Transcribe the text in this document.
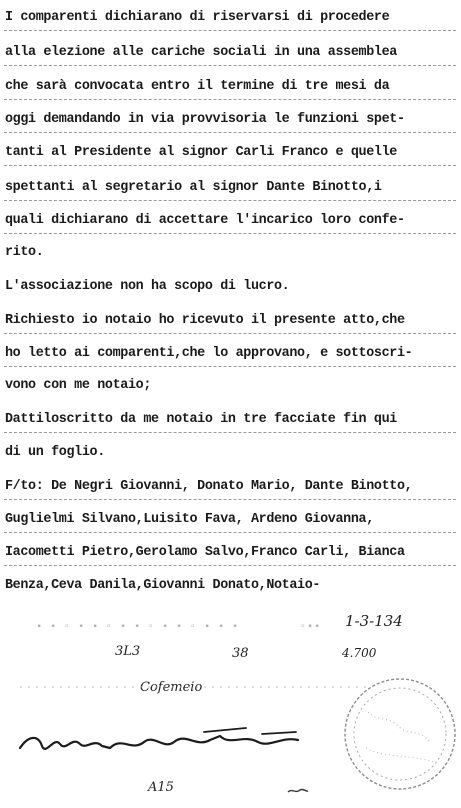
I comparenti dichiarano di riservarsi di procedere
alla elezione alle cariche sociali in una assemblea
che sarà convocata entro il termine di tre mesi da
oggi demandando in via provvisoria le funzioni spet-
tanti al Presidente al signor Carli Franco e quelle
spettanti al segretario al signor Dante Binotto,i
quali dichiarano di accettare l'incarico loro confe-
rito.
L'associazione non ha scopo di lucro.
Richiesto io notaio ho ricevuto il presente atto,che
ho letto ai comparenti,che lo approvano, e sottoscri-
vono con me notaio;
Dattiloscritto da me notaio in tre facciate fin qui
di un foglio.
F/to: De Negri Giovanni, Donato Mario, Dante Binotto,
Guglielmi Silvano,Luisito Fava, Ardeno Giovanna,
Iacometti Pietro,Gerolamo Salvo,Franco Carli, Bianca
Benza,Ceva Danila,Giovanni Donato,Notaio-
▪ ▪ ▫ ▪ ▪ ▫ ▪ ▪ ▫ ▪ ▪ ▫ ▪ ▪ ▪	▫▪▪ 1-3-134
3L3	38	4.700
Cofemeio
A15
